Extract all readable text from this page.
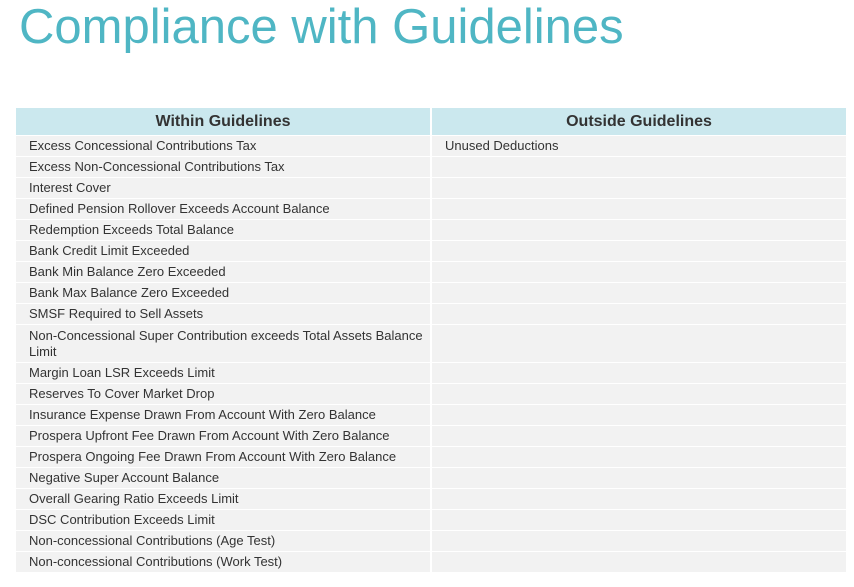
Compliance with Guidelines
Within Guidelines	Outside Guidelines
Excess Concessional Contributions Tax	Unused Deductions
Excess Non-Concessional Contributions Tax	
Interest Cover	
Defined Pension Rollover Exceeds Account Balance	
Redemption Exceeds Total Balance	
Bank Credit Limit Exceeded	
Bank Min Balance Zero Exceeded	
Bank Max Balance Zero Exceeded	
SMSF Required to Sell Assets	
Non-Concessional Super Contribution exceeds Total Assets Balance Limit	
Margin Loan LSR Exceeds Limit	
Reserves To Cover Market Drop	
Insurance Expense Drawn From Account With Zero Balance	
Prospera Upfront Fee Drawn From Account With Zero Balance	
Prospera Ongoing Fee Drawn From Account With Zero Balance	
Negative Super Account Balance	
Overall Gearing Ratio Exceeds Limit	
DSC Contribution Exceeds Limit	
Non-concessional Contributions (Age Test)	
Non-concessional Contributions (Work Test)	
